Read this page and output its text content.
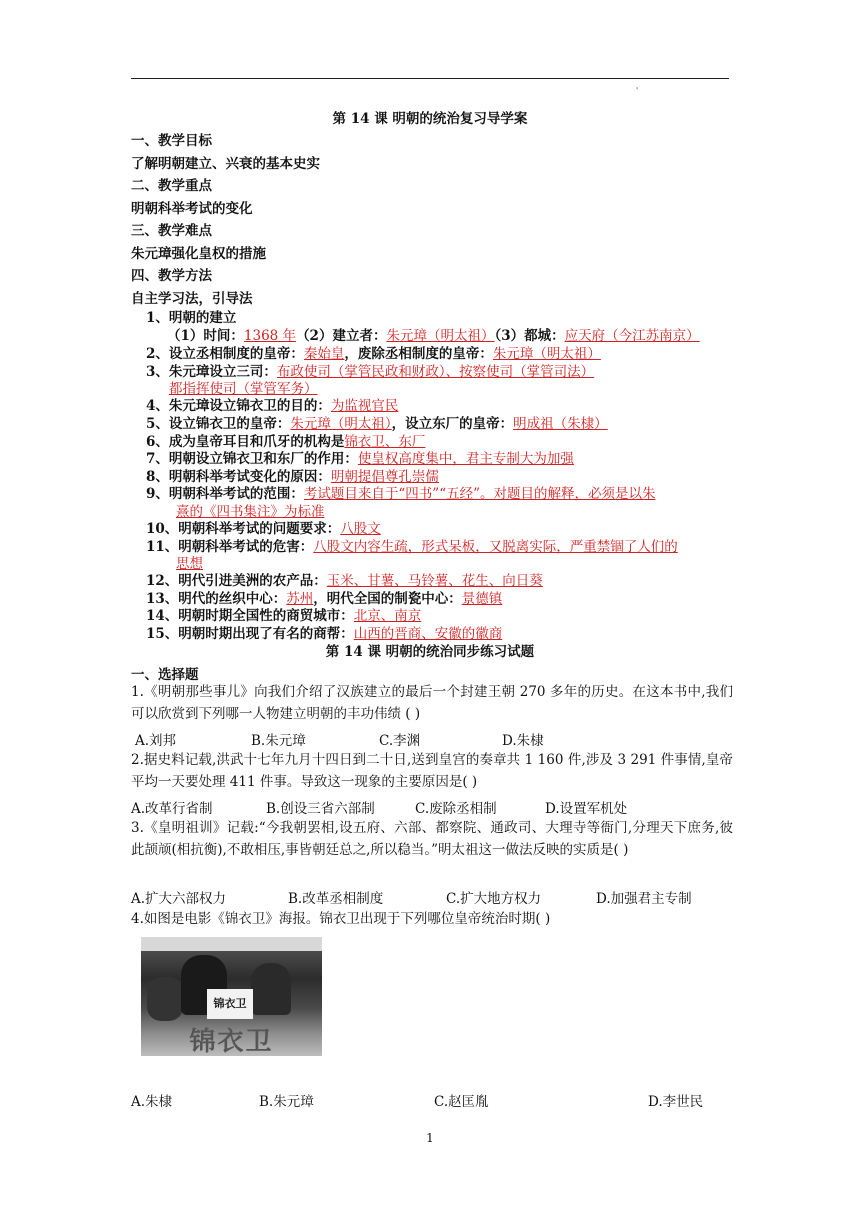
'
第 14 课 明朝的统治复习导学案
一、教学目标
了解明朝建立、兴衰的基本史实
二、教学重点
明朝科举考试的变化
三、教学难点
朱元璋强化皇权的措施
四、教学方法
自主学习法，引导法
1、明朝的建立
（1）时间：1368 年（2）建立者：朱元璋（明太祖）（3）都城：应天府（今江苏南京）
2、设立丞相制度的皇帝：秦始皇，废除丞相制度的皇帝：朱元璋（明太祖）
3、朱元璋设立三司：布政使司（掌管民政和财政）、按察使司（掌管司法）
都指挥使司（掌管军务）
4、朱元璋设立锦衣卫的目的：为监视官民
5、设立锦衣卫的皇帝：朱元璋（明太祖），设立东厂的皇帝：明成祖（朱棣）
6、成为皇帝耳目和爪牙的机构是锦衣卫、东厂
7、明朝设立锦衣卫和东厂的作用：使皇权高度集中，君主专制大为加强
8、明朝科举考试变化的原因：明朝提倡尊孔崇儒
9、明朝科举考试的范围：考试题目来自于“四书”“五经”。对题目的解释，必须是以朱
熹的《四书集注》为标准
10、明朝科举考试的问题要求：八股文
11、明朝科举考试的危害：八股文内容生疏，形式呆板，又脱离实际，严重禁锢了人们的
思想
12、明代引进美洲的农产品：玉米、甘薯、马铃薯、花生、向日葵
13、明代的丝织中心：苏州，明代全国的制瓷中心：景德镇
14、明朝时期全国性的商贸城市：北京、南京
15、明朝时期出现了有名的商帮：山西的晋商、安徽的徽商
第 14 课 明朝的统治同步练习试题
一、选择题
1.《明朝那些事儿》向我们介绍了汉族建立的最后一个封建王朝 270 多年的历史。在这本书中,我们可以欣赏到下列哪一人物建立明朝的丰功伟绩 ( )
A.刘邦	B.朱元璋	C.李渊	D.朱棣
2.据史料记载,洪武十七年九月十四日到二十日,送到皇宫的奏章共 1 160 件,涉及 3 291 件事情,皇帝平均一天要处理 411 件事。导致这一现象的主要原因是( )
A.改革行省制	B.创设三省六部制	C.废除丞相制	D.设置军机处
3.《皇明祖训》记载:“今我朝罢相,设五府、六部、都察院、通政司、大理寺等衙门,分理天下庶务,彼此颉颃(相抗衡),不敢相压,事皆朝廷总之,所以稳当。”明太祖这一做法反映的实质是( )
A.扩大六部权力	B.改革丞相制度	C.扩大地方权力	D.加强君主专制
4.如图是电影《锦衣卫》海报。锦衣卫出现于下列哪位皇帝统治时期( )
锦衣卫
锦衣卫
A.朱棣	B.朱元璋	C.赵匡胤	D.李世民
1
